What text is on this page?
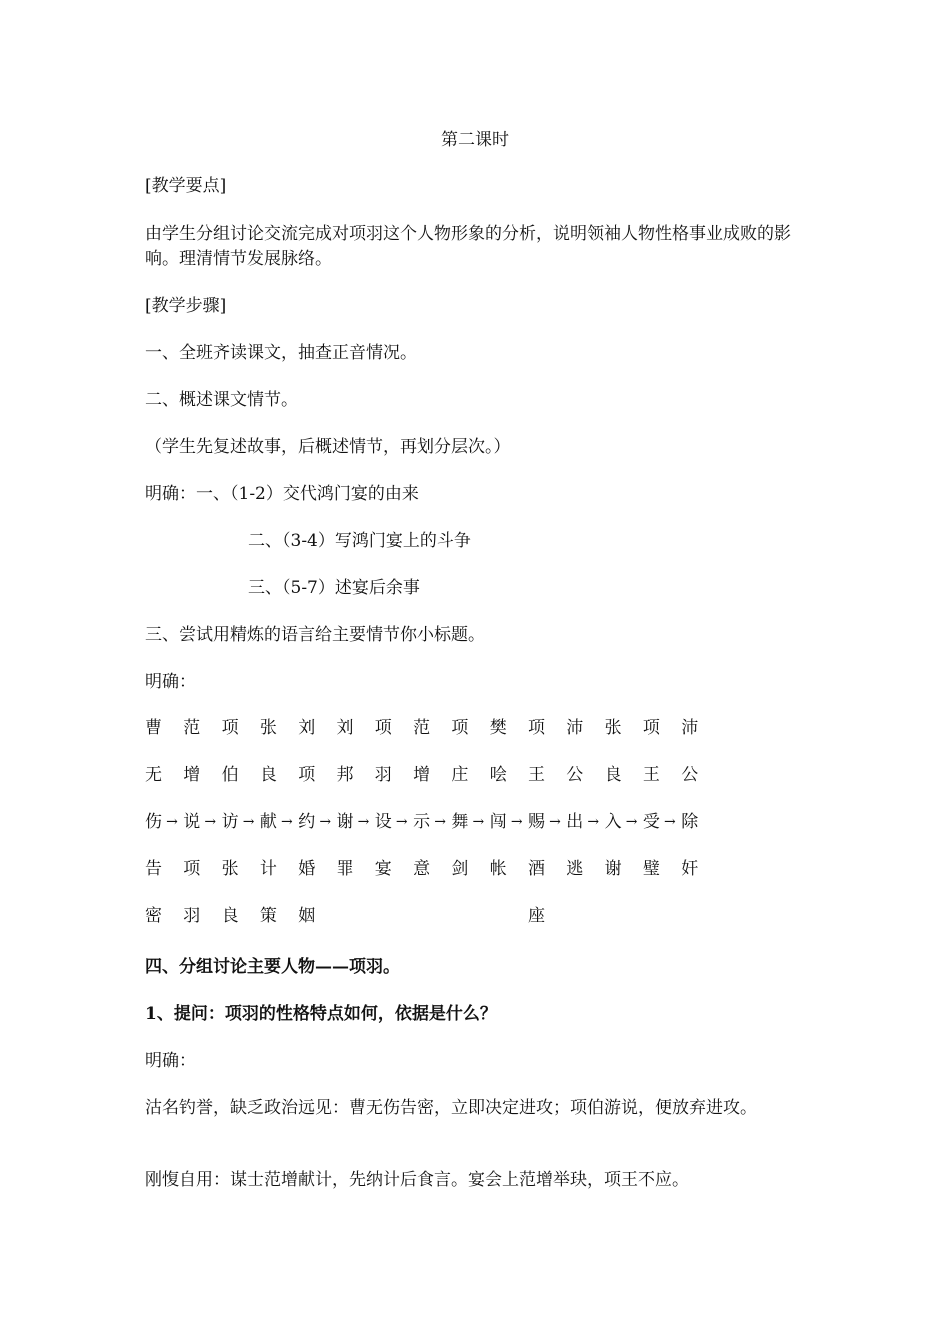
第二课时

[教学要点]

由学生分组讨论交流完成对项羽这个人物形象的分析，说明领袖人物性格事业成败的影响。理清情节发展脉络。

[教学步骤]

一、全班齐读课文，抽查正音情况。

二、概述课文情节。

（学生先复述故事，后概述情节，再划分层次。）

明确：一、（1-2）交代鸿门宴的由来

二、（3-4）写鸿门宴上的斗争

三、（5-7）述宴后余事

三、尝试用精炼的语言给主要情节你小标题。

明确：

曹 范 项 张 刘 刘 项 范 项 樊 项 沛 张 项 沛
无 增 伯 良 项 邦 羽 增 庄 哙 王 公 良 王 公
伤 → 说 → 访 → 献 → 约 → 谢 → 设 → 示 → 舞 → 闯 → 赐 → 出 → 入 → 受 → 除
告 项 张 计 婚 罪 宴 意 剑 帐 酒 逃 谢 璧 奸
密 羽 良 策 姻	座

四、分组讨论主要人物——项羽。

1、提问：项羽的性格特点如何，依据是什么？

明确：

沽名钓誉，缺乏政治远见：曹无伤告密，立即决定进攻；项伯游说，便放弃进攻。

刚愎自用：谋士范增献计，先纳计后食言。宴会上范增举玦，项王不应。
